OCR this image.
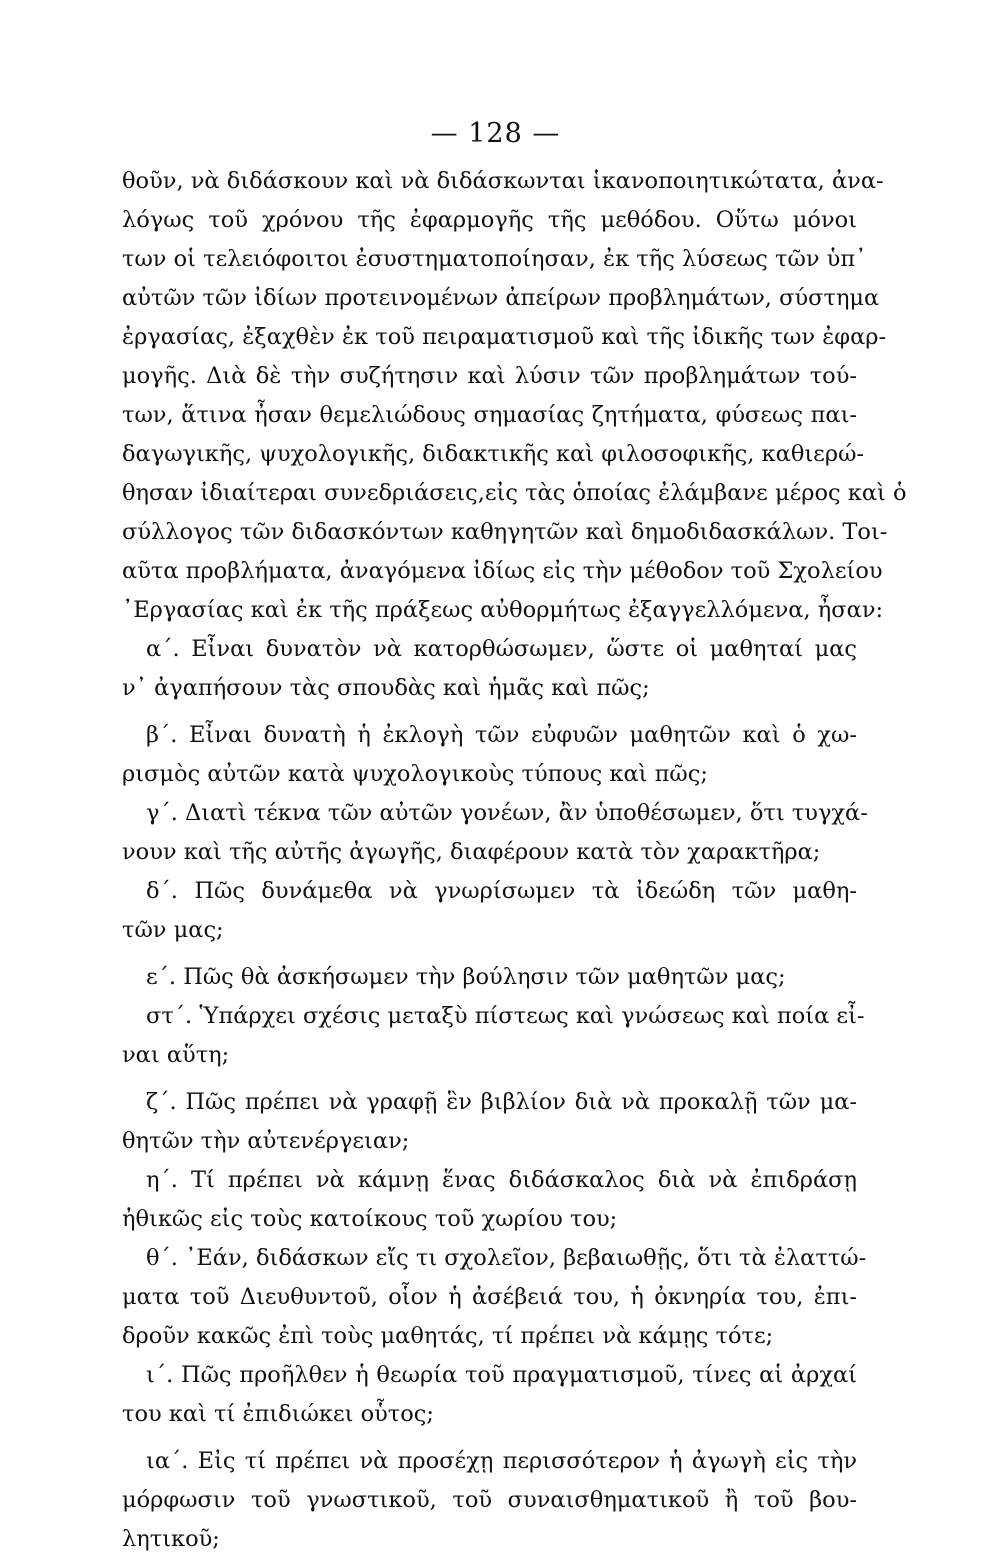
— 128 —
θοῦν, νὰ διδάσκουν καὶ νὰ διδάσκωνται ἱκανοποιητικώτατα, ἀνα-
λόγως τοῦ χρόνου τῆς ἐφαρμογῆς τῆς μεθόδου. Οὕτω μόνοι
των οἱ τελειόφοιτοι ἐσυστηματοποίησαν, ἐκ τῆς λύσεως τῶν ὑπ᾽
αὐτῶν τῶν ἰδίων προτεινομένων ἀπείρων προβλημάτων, σύστημα
ἐργασίας, ἐξαχθὲν ἐκ τοῦ πειραματισμοῦ καὶ τῆς ἰδικῆς των ἐφαρ-
μογῆς. Διὰ δὲ τὴν συζήτησιν καὶ λύσιν τῶν προβλημάτων τού-
των, ἅτινα ἦσαν θεμελιώδους σημασίας ζητήματα, φύσεως παι-
δαγωγικῆς, ψυχολογικῆς, διδακτικῆς καὶ φιλοσοφικῆς, καθιερώ-
θησαν ἰδιαίτεραι συνεδριάσεις,εἰς τὰς ὁποίας ἐλάμβανε μέρος καὶ ὁ
σύλλογος τῶν διδασκόντων καθηγητῶν καὶ δημοδιδασκάλων. Τοι-
αῦτα προβλήματα, ἀναγόμενα ἰδίως εἰς τὴν μέθοδον τοῦ Σχολείου
᾽Εργασίας καὶ ἐκ τῆς πράξεως αὐθορμήτως ἐξαγγελλόμενα, ἦσαν:
α΄. Εἶναι δυνατὸν νὰ κατορθώσωμεν, ὥστε οἱ μαθηταί μας
ν᾽ ἀγαπήσουν τὰς σπουδὰς καὶ ἡμᾶς καὶ πῶς;
β΄. Εἶναι δυνατὴ ἡ ἐκλογὴ τῶν εὐφυῶν μαθητῶν καὶ ὁ χω-
ρισμὸς αὐτῶν κατὰ ψυχολογικοὺς τύπους καὶ πῶς;
γ΄. Διατὶ τέκνα τῶν αὐτῶν γονέων, ἂν ὑποθέσωμεν, ὅτι τυγχά-
νουν καὶ τῆς αὐτῆς ἀγωγῆς, διαφέρουν κατὰ τὸν χαρακτῆρα;
δ΄. Πῶς δυνάμεθα νὰ γνωρίσωμεν τὰ ἰδεώδη τῶν μαθη-
τῶν μας;
ε΄. Πῶς θὰ ἀσκήσωμεν τὴν βούλησιν τῶν μαθητῶν μας;
στ΄. Ὑπάρχει σχέσις μεταξὺ πίστεως καὶ γνώσεως καὶ ποία εἶ-
ναι αὕτη;
ζ΄. Πῶς πρέπει νὰ γραφῇ ἓν βιβλίον διὰ νὰ προκαλῇ τῶν μα-
θητῶν τὴν αὐτενέργειαν;
η΄. Τί πρέπει νὰ κάμνῃ ἕνας διδάσκαλος διὰ νὰ ἐπιδράσῃ
ἠθικῶς εἰς τοὺς κατοίκους τοῦ χωρίου του;
θ΄. ᾽Εάν, διδάσκων εἴς τι σχολεῖον, βεβαιωθῇς, ὅτι τὰ ἐλαττώ-
ματα τοῦ Διευθυντοῦ, οἷον ἡ ἀσέβειά του, ἡ ὀκνηρία του, ἐπι-
δροῦν κακῶς ἐπὶ τοὺς μαθητάς, τί πρέπει νὰ κάμῃς τότε;
ι΄. Πῶς προῆλθεν ἡ θεωρία τοῦ πραγματισμοῦ, τίνες αἱ ἀρχαί
του καὶ τί ἐπιδιώκει οὗτος;
ια΄. Εἰς τί πρέπει νὰ προσέχῃ περισσότερον ἡ ἀγωγὴ εἰς τὴν
μόρφωσιν τοῦ γνωστικοῦ, τοῦ συναισθηματικοῦ ἢ τοῦ βου-
λητικοῦ;
